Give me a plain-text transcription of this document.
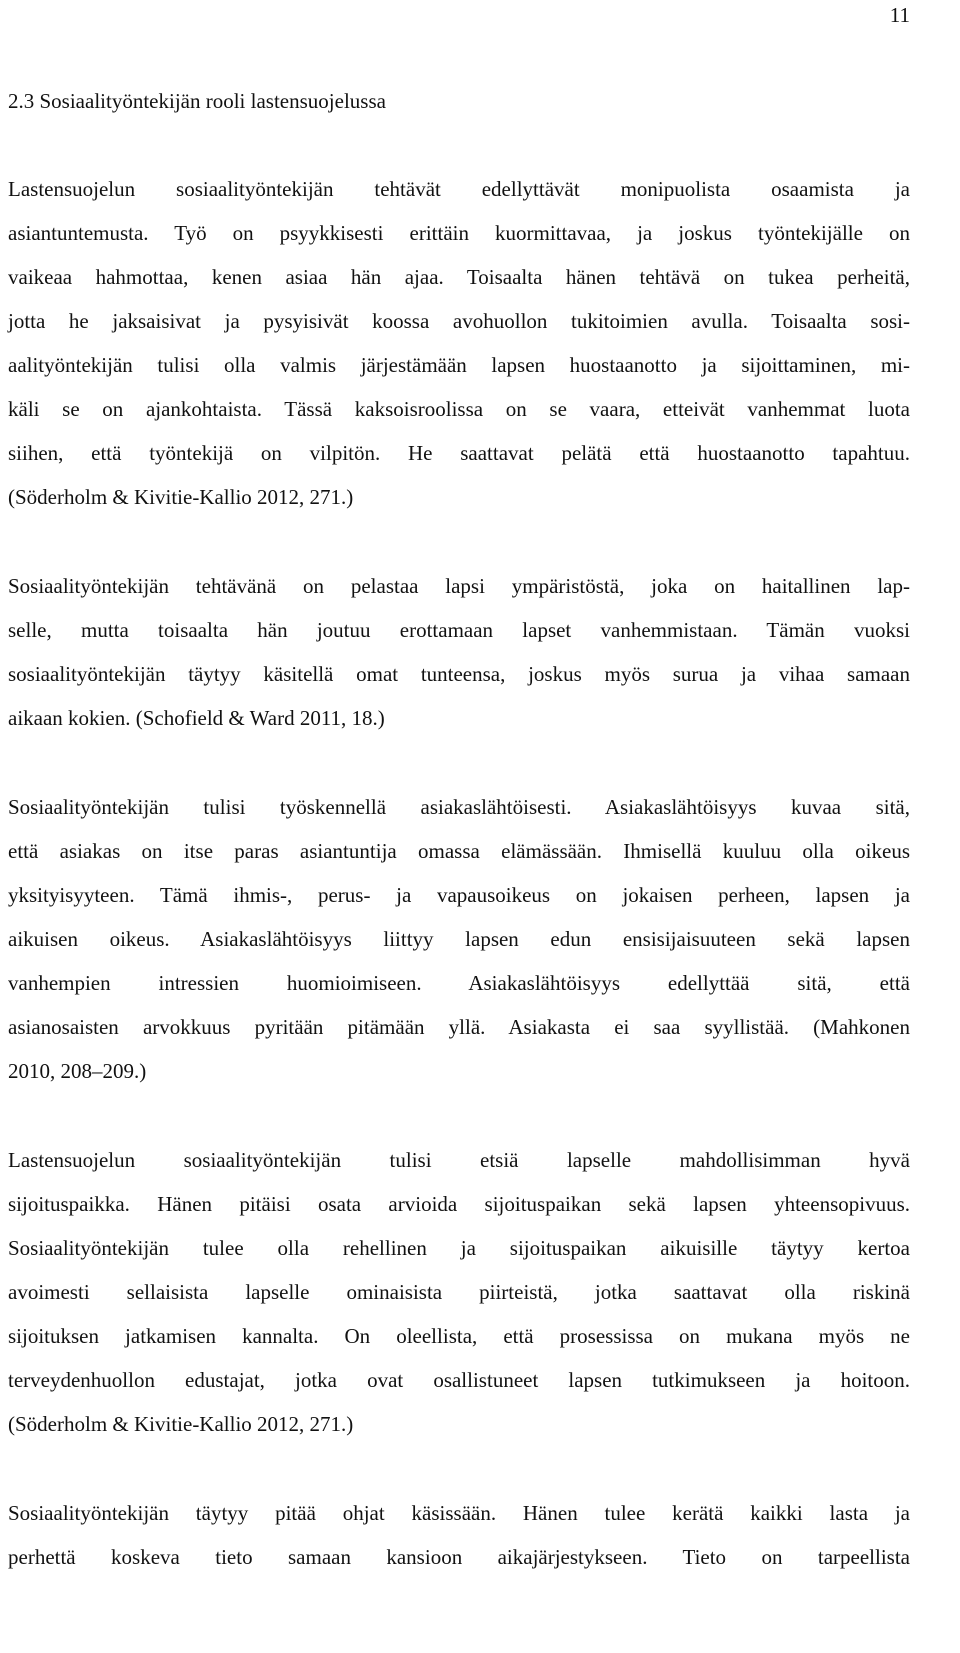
11
2.3 Sosiaalityöntekijän rooli lastensuojelussa
Lastensuojelun sosiaalityöntekijän tehtävät edellyttävät monipuolista osaamista ja
asiantuntemusta. Työ on psyykkisesti erittäin kuormittavaa, ja joskus työntekijälle on
vaikeaa hahmottaa, kenen asiaa hän ajaa. Toisaalta hänen tehtävä on tukea perheitä,
jotta he jaksaisivat ja pysyisivät koossa avohuollon tukitoimien avulla. Toisaalta sosi-
aalityöntekijän tulisi olla valmis järjestämään lapsen huostaanotto ja sijoittaminen, mi-
käli se on ajankohtaista. Tässä kaksoisroolissa on se vaara, etteivät vanhemmat luota
siihen, että työntekijä on vilpitön. He saattavat pelätä että huostaanotto tapahtuu.
(Söderholm & Kivitie-Kallio 2012, 271.)
Sosiaalityöntekijän tehtävänä on pelastaa lapsi ympäristöstä, joka on haitallinen lap-
selle, mutta toisaalta hän joutuu erottamaan lapset vanhemmistaan. Tämän vuoksi
sosiaalityöntekijän täytyy käsitellä omat tunteensa, joskus myös surua ja vihaa samaan
aikaan kokien. (Schofield & Ward 2011, 18.)
Sosiaalityöntekijän tulisi työskennellä asiakaslähtöisesti. Asiakaslähtöisyys kuvaa sitä,
että asiakas on itse paras asiantuntija omassa elämässään. Ihmisellä kuuluu olla oikeus
yksityisyyteen. Tämä ihmis-, perus- ja vapausoikeus on jokaisen perheen, lapsen ja
aikuisen oikeus. Asiakaslähtöisyys liittyy lapsen edun ensisijaisuuteen sekä lapsen
vanhempien intressien huomioimiseen. Asiakaslähtöisyys edellyttää sitä, että
asianosaisten arvokkuus pyritään pitämään yllä. Asiakasta ei saa syyllistää. (Mahkonen
2010, 208–209.)
Lastensuojelun sosiaalityöntekijän tulisi etsiä lapselle mahdollisimman hyvä
sijoituspaikka. Hänen pitäisi osata arvioida sijoituspaikan sekä lapsen yhteensopivuus.
Sosiaalityöntekijän tulee olla rehellinen ja sijoituspaikan aikuisille täytyy kertoa
avoimesti sellaisista lapselle ominaisista piirteistä, jotka saattavat olla riskinä
sijoituksen jatkamisen kannalta. On oleellista, että prosessissa on mukana myös ne
terveydenhuollon edustajat, jotka ovat osallistuneet lapsen tutkimukseen ja hoitoon.
(Söderholm & Kivitie-Kallio 2012, 271.)
Sosiaalityöntekijän täytyy pitää ohjat käsissään. Hänen tulee kerätä kaikki lasta ja
perhettä koskeva tieto samaan kansioon aikajärjestykseen. Tieto on tarpeellista
